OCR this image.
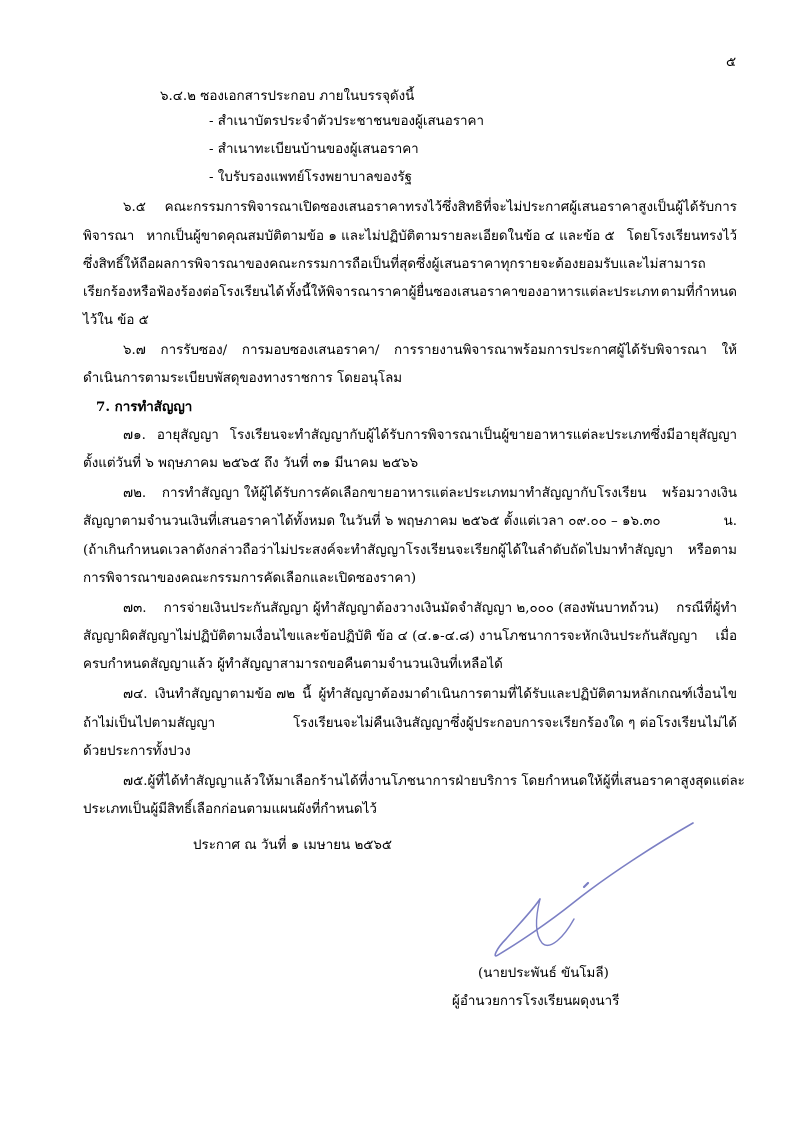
๕
๖.๔.๒ ซองเอกสารประกอบ ภายในบรรจุดังนี้
- สำเนาบัตรประจำตัวประชาชนของผู้เสนอราคา
- สำเนาทะเบียนบ้านของผู้เสนอราคา
- ใบรับรองแพทย์โรงพยาบาลของรัฐ
๖.๕ คณะกรรมการพิจารณาเปิดซองเสนอราคาทรงไว้ซึ่งสิทธิที่จะไม่ประกาศผู้เสนอราคาสูงเป็นผู้ได้รับการ
พิจารณา หากเป็นผู้ขาดคุณสมบัติตามข้อ ๑ และไม่ปฏิบัติตามรายละเอียดในข้อ ๔ และข้อ ๕ โดยโรงเรียนทรงไว้
ซึ่งสิทธิ์ให้ถือผลการพิจารณาของคณะกรรมการถือเป็นที่สุดซึ่งผู้เสนอราคาทุกรายจะต้องยอมรับและไม่สามารถ
เรียกร้องหรือฟ้องร้องต่อโรงเรียนได้ ทั้งนี้ให้พิจารณาราคาผู้ยื่นซองเสนอราคาของอาหารแต่ละประเภท ตามที่กำหนด
ไว้ใน ข้อ ๕
๖.๗ การรับซอง/ การมอบซองเสนอราคา/ การรายงานพิจารณาพร้อมการประกาศผู้ได้รับพิจารณา ให้
ดำเนินการตามระเบียบพัสดุของทางราชการ โดยอนุโลม
7. การทำสัญญา
๗๑. อายุสัญญา โรงเรียนจะทำสัญญากับผู้ได้รับการพิจารณาเป็นผู้ขายอาหารแต่ละประเภทซึ่งมีอายุสัญญา
ตั้งแต่วันที่ ๖ พฤษภาคม ๒๕๖๕ ถึง วันที่ ๓๑ มีนาคม ๒๕๖๖
๗๒. การทำสัญญา ให้ผู้ได้รับการคัดเลือกขายอาหารแต่ละประเภทมาทำสัญญากับโรงเรียน พร้อมวางเงิน
สัญญาตามจำนวนเงินที่เสนอราคาได้ทั้งหมด ในวันที่ ๖ พฤษภาคม ๒๕๖๕ ตั้งแต่เวลา ๐๙.๐๐ – ๑๖.๓๐	น.
(ถ้าเกินกำหนดเวลาดังกล่าวถือว่าไม่ประสงค์จะทำสัญญาโรงเรียนจะเรียกผู้ได้ในลำดับถัดไปมาทำสัญญา หรือตาม
การพิจารณาของคณะกรรมการคัดเลือกและเปิดซองราคา)
๗๓. การจ่ายเงินประกันสัญญา ผู้ทำสัญญาต้องวางเงินมัดจำสัญญา ๒,๐๐๐ (สองพันบาทถ้วน) กรณีที่ผู้ทำ
สัญญาผิดสัญญาไม่ปฏิบัติตามเงื่อนไขและข้อปฏิบัติ ข้อ ๔ (๔.๑-๔.๘) งานโภชนาการจะหักเงินประกันสัญญา เมื่อ
ครบกำหนดสัญญาแล้ว ผู้ทำสัญญาสามารถขอคืนตามจำนวนเงินที่เหลือได้
๗๔. เงินทำสัญญาตามข้อ ๗๒ นี้ ผู้ทำสัญญาต้องมาดำเนินการตามที่ได้รับและปฏิบัติตามหลักเกณฑ์เงื่อนไข
ถ้าไม่เป็นไปตามสัญญา	โรงเรียนจะไม่คืนเงินสัญญาซึ่งผู้ประกอบการจะเรียกร้องใด ๆ ต่อโรงเรียนไม่ได้
ด้วยประการทั้งปวง
๗๕. ผู้ที่ได้ทำสัญญาแล้วให้มาเลือกร้านได้ที่งานโภชนาการฝ่ายบริการ โดยกำหนดให้ผู้ที่เสนอราคาสูงสุดแต่ละ
ประเภทเป็นผู้มีสิทธิ์เลือกก่อนตามแผนผังที่กำหนดไว้
ประกาศ ณ วันที่ ๑ เมษายน ๒๕๖๕
(นายประพันธ์ ขันโมลี)
ผู้อำนวยการโรงเรียนผดุงนารี
